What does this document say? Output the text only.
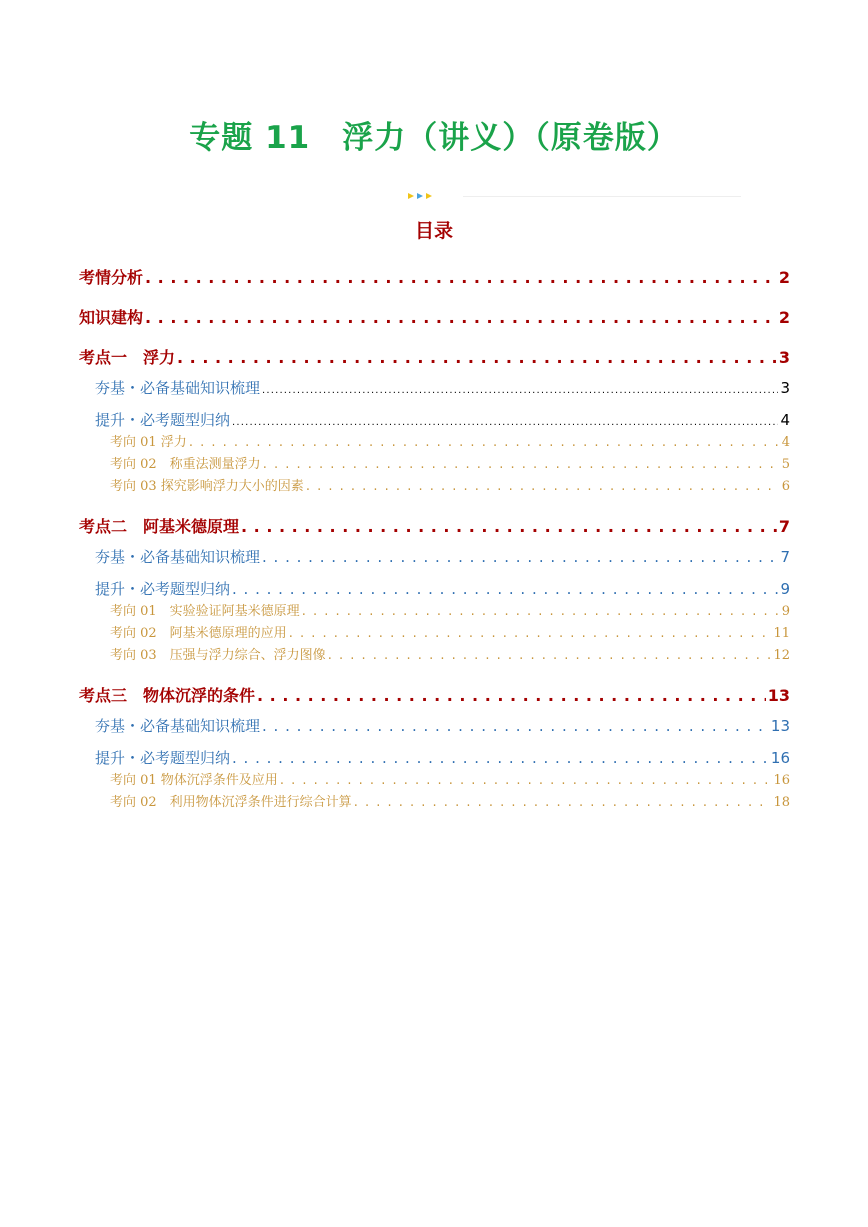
专题 11　浮力（讲义）（原卷版）
目录
考情分析 . . .	2
知识建构 . . .	2
考点一　浮力 . . .	3
夯基・必备基础知识梳理 . . .	3
提升・必考题型归纳 . . .	4
考向 01 浮力 . . .	4
考向 02　称重法测量浮力 . . .	5
考向 03 探究影响浮力大小的因素 . . .	6
考点二　阿基米德原理 . . .	7
夯基・必备基础知识梳理 . . .	7
提升・必考题型归纳 . . .	9
考向 01　实验验证阿基米德原理 . . .	9
考向 02　阿基米德原理的应用 . . .	11
考向 03　压强与浮力综合、浮力图像 . . .	12
考点三　物体沉浮的条件 . . .	13
夯基・必备基础知识梳理 . . .	13
提升・必考题型归纳 . . .	16
考向 01 物体沉浮条件及应用 . . .	16
考向 02　利用物体沉浮条件进行综合计算 . . .	18
